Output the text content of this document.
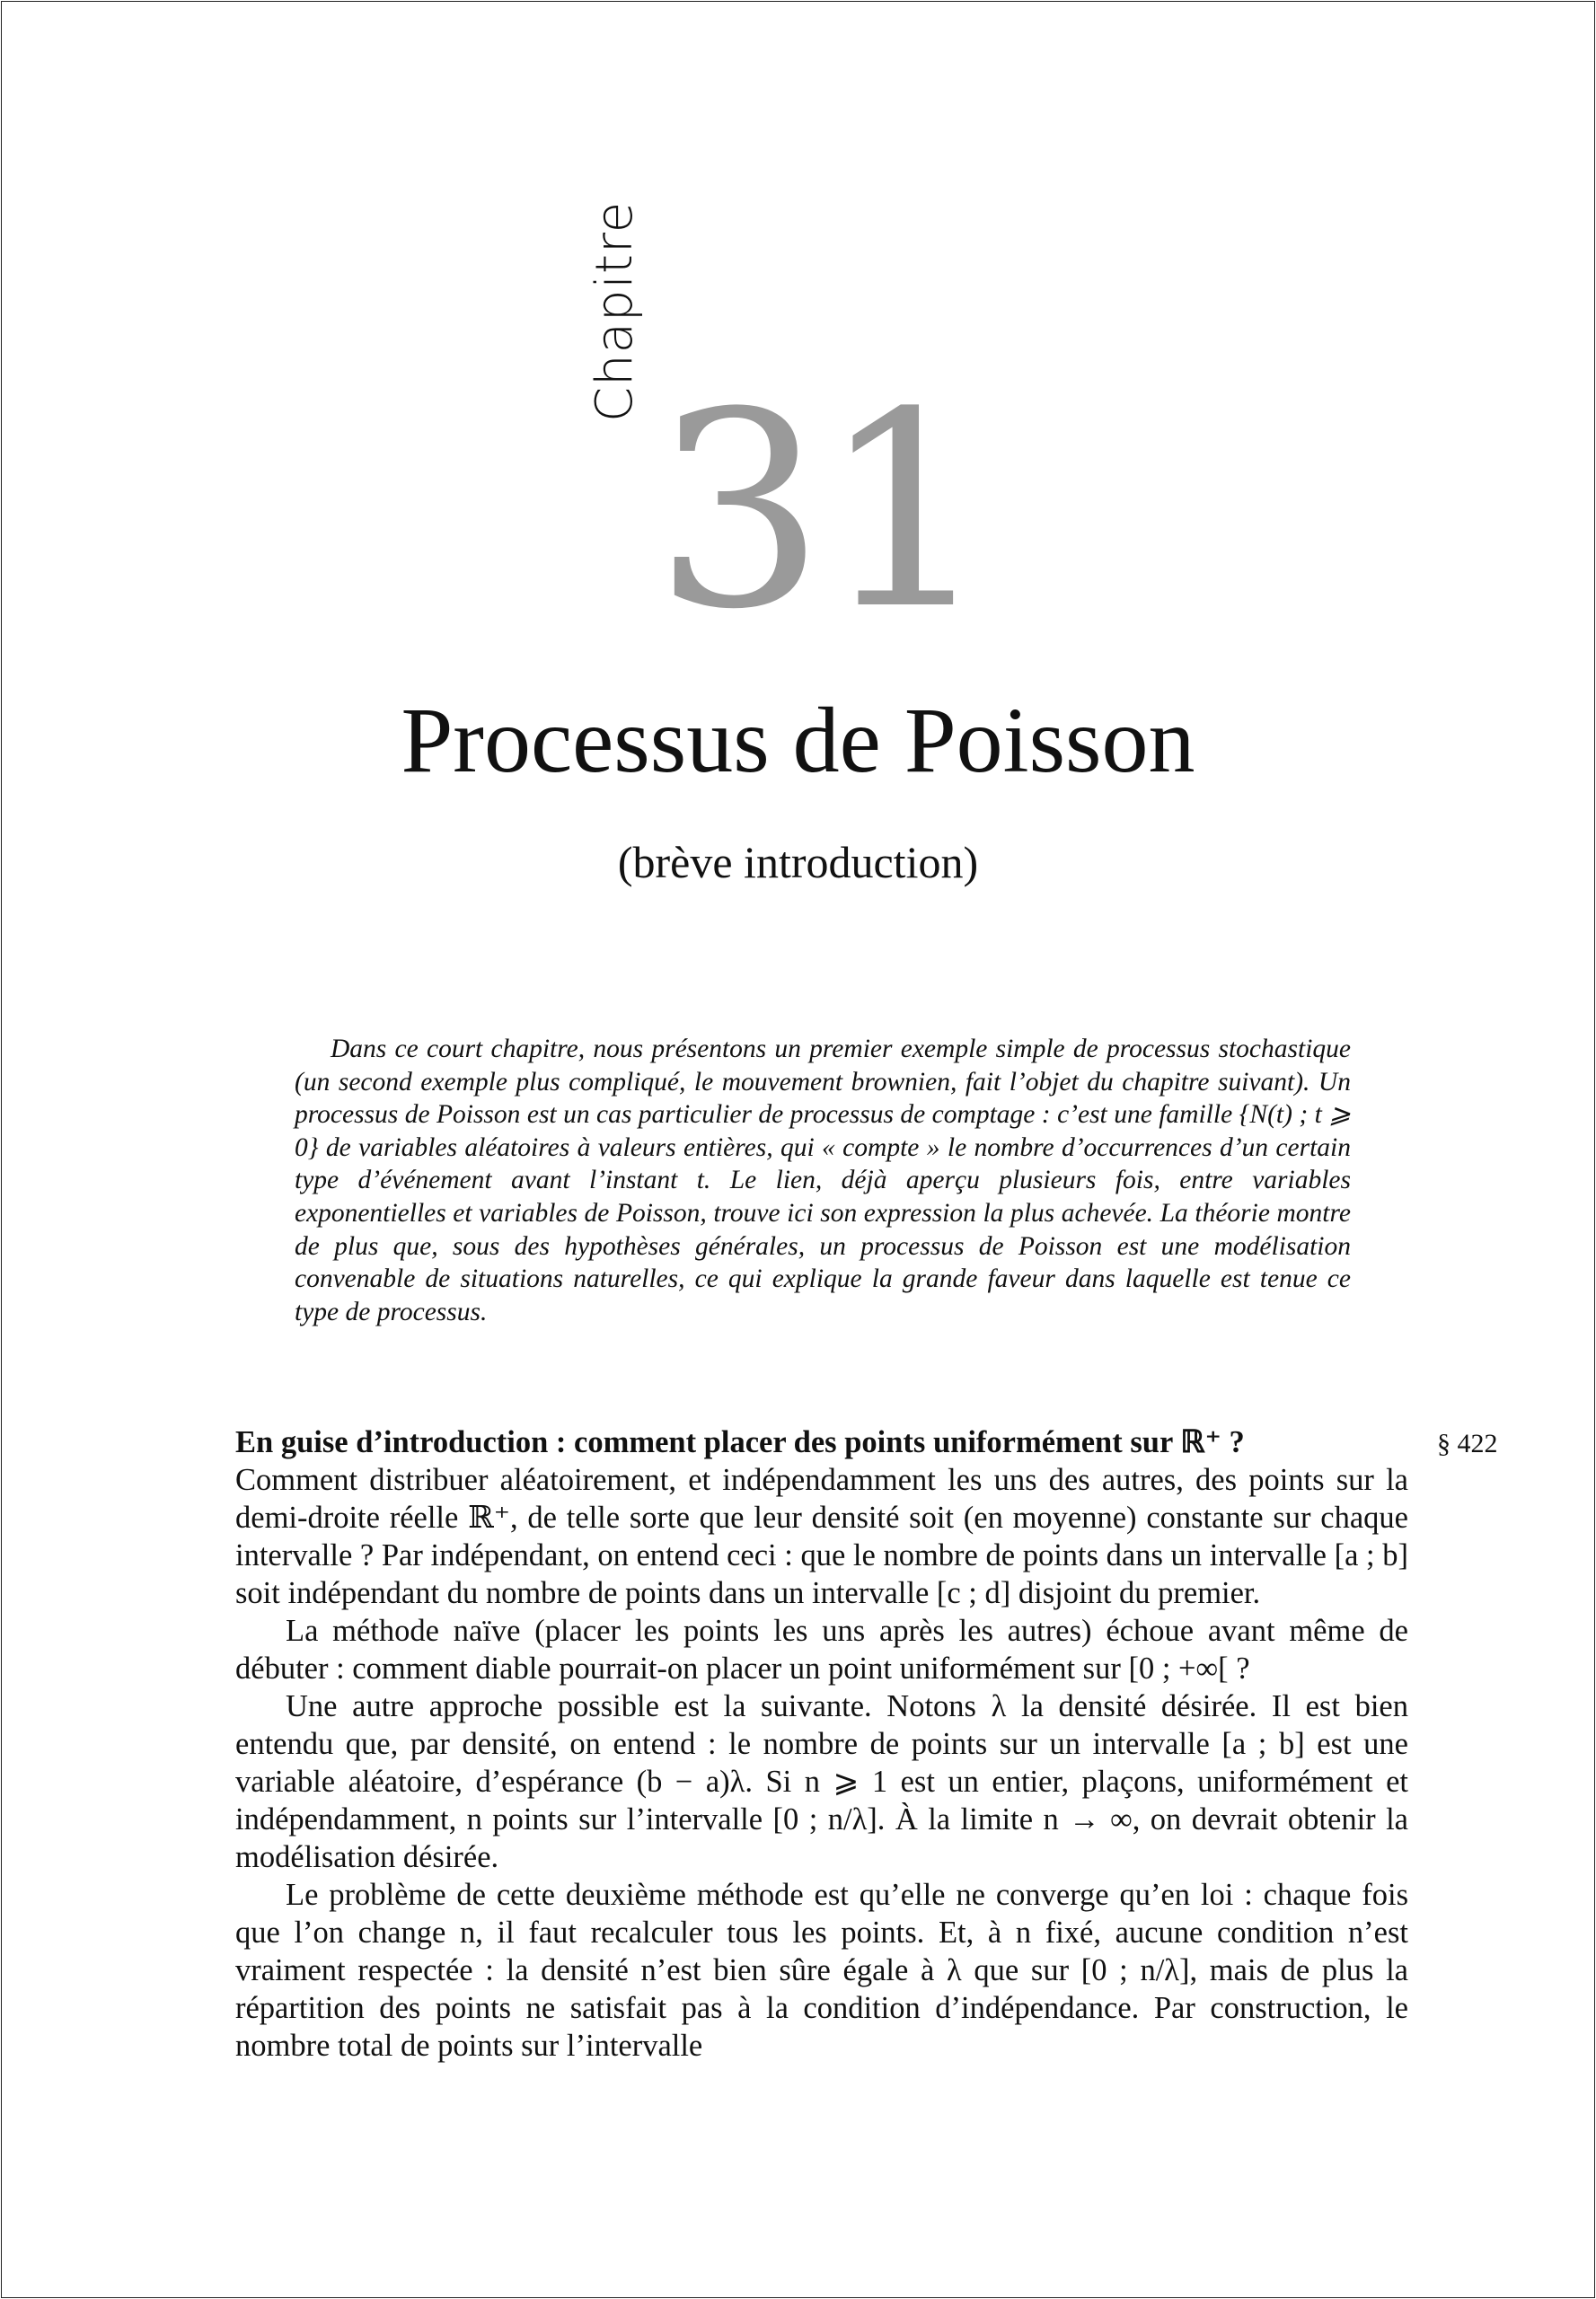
Chapitre
31
Processus de Poisson
(brève introduction)

Dans ce court chapitre, nous présentons un premier exemple simple de processus stochastique (un second exemple plus compliqué, le mouvement brownien, fait l’objet du chapitre suivant). Un processus de Poisson est un cas particulier de processus de comptage : c’est une famille {N(t) ; t ⩾ 0} de variables aléatoires à valeurs entières, qui « compte » le nombre d’occurrences d’un certain type d’événement avant l’instant t. Le lien, déjà aperçu plusieurs fois, entre variables exponentielles et variables de Poisson, trouve ici son expression la plus achevée. La théorie montre de plus que, sous des hypothèses générales, un processus de Poisson est une modélisation convenable de situations naturelles, ce qui explique la grande faveur dans laquelle est tenue ce type de processus.

§ 422

En guise d’introduction : comment placer des points uniformément sur ℝ⁺ ?

Comment distribuer aléatoirement, et indépendamment les uns des autres, des points sur la demi-droite réelle ℝ⁺, de telle sorte que leur densité soit (en moyenne) constante sur chaque intervalle ? Par indépendant, on entend ceci : que le nombre de points dans un intervalle [a ; b] soit indépendant du nombre de points dans un intervalle [c ; d] disjoint du premier.

La méthode naïve (placer les points les uns après les autres) échoue avant même de débuter : comment diable pourrait-on placer un point uniformément sur [0 ; +∞[ ?

Une autre approche possible est la suivante. Notons λ la densité désirée. Il est bien entendu que, par densité, on entend : le nombre de points sur un intervalle [a ; b] est une variable aléatoire, d’espérance (b − a)λ. Si n ⩾ 1 est un entier, plaçons, uniformément et indépendamment, n points sur l’intervalle [0 ; n/λ]. À la limite n → ∞, on devrait obtenir la modélisation désirée.

Le problème de cette deuxième méthode est qu’elle ne converge qu’en loi : chaque fois que l’on change n, il faut recalculer tous les points. Et, à n fixé, aucune condition n’est vraiment respectée : la densité n’est bien sûre égale à λ que sur [0 ; n/λ], mais de plus la répartition des points ne satisfait pas à la condition d’indépendance. Par construction, le nombre total de points sur l’intervalle
